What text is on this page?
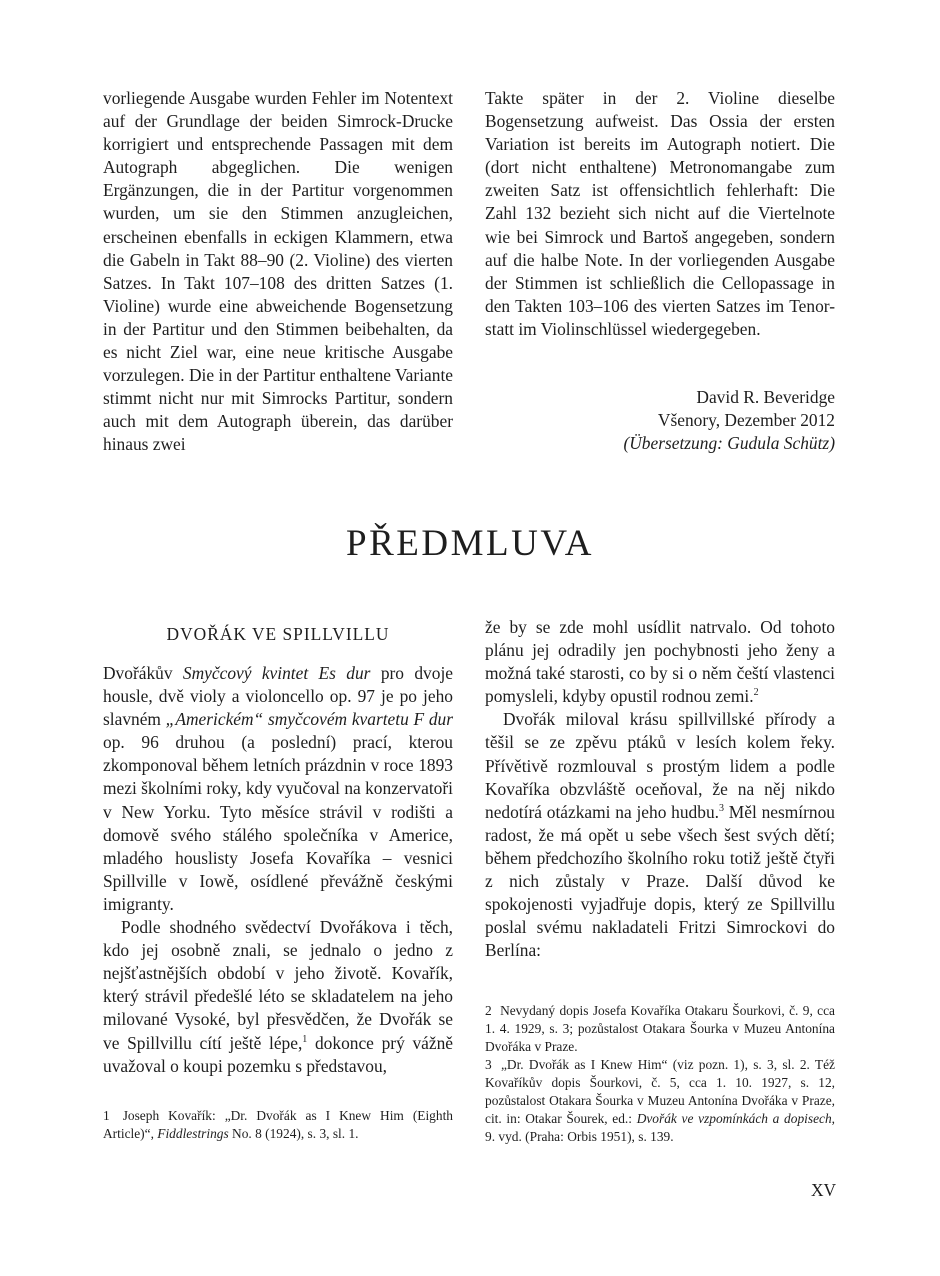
vorliegende Ausgabe wurden Fehler im Notentext auf der Grundlage der beiden Simrock-Drucke korrigiert und entsprechende Passagen mit dem Autograph abgeglichen. Die wenigen Ergänzungen, die in der Partitur vorgenommen wurden, um sie den Stimmen anzugleichen, erscheinen ebenfalls in eckigen Klammern, etwa die Gabeln in Takt 88–90 (2. Violine) des vierten Satzes. In Takt 107–108 des dritten Satzes (1. Violine) wurde eine abweichende Bogensetzung in der Partitur und den Stimmen beibehalten, da es nicht Ziel war, eine neue kritische Ausgabe vorzulegen. Die in der Partitur enthaltene Variante stimmt nicht nur mit Simrocks Partitur, sondern auch mit dem Autograph überein, das darüber hinaus zwei

Takte später in der 2. Violine dieselbe Bogensetzung aufweist. Das Ossia der ersten Variation ist bereits im Autograph notiert. Die (dort nicht enthaltene) Metronomangabe zum zweiten Satz ist offensichtlich fehlerhaft: Die Zahl 132 bezieht sich nicht auf die Viertelnote wie bei Simrock und Bartoš angegeben, sondern auf die halbe Note. In der vorliegenden Ausgabe der Stimmen ist schließlich die Cellopassage in den Takten 103–106 des vierten Satzes im Tenor- statt im Violinschlüssel wiedergegeben.

David R. Beveridge
Všenory, Dezember 2012
(Übersetzung: Gudula Schütz)
PŘEDMLUVA
DVOŘÁK VE SPILLVILLU

Dvořákův Smyčcový kvintet Es dur pro dvoje housle, dvě violy a violoncello op. 97 je po jeho slavném „Americkém“ smyčcovém kvartetu F dur op. 96 druhou (a poslední) prací, kterou zkomponoval během letních prázdnin v roce 1893 mezi školními roky, kdy vyučoval na konzervatoři v New Yorku. Tyto měsíce strávil v rodišti a domově svého stálého společníka v Americe, mladého houslisty Josefa Kovaříka – vesnici Spillville v Iowě, osídlené převážně českými imigranty.

Podle shodného svědectví Dvořákova i těch, kdo jej osobně znali, se jednalo o jedno z nejšťastnějších období v jeho životě. Kovařík, který strávil předešlé léto se skladatelem na jeho milované Vysoké, byl přesvědčen, že Dvořák se ve Spillvillu cítí ještě lépe,$^1$ dokonce prý vážně uvažoval o koupi pozemku s představou,

že by se zde mohl usídlit natrvalo. Od tohoto plánu jej odradily jen pochybnosti jeho ženy a možná také starosti, co by si o něm čeští vlastenci pomysleli, kdyby opustil rodnou zemi.$^2$

Dvořák miloval krásu spillvillské přírody a těšil se ze zpěvu ptáků v lesích kolem řeky. Přívětivě rozmlouval s prostým lidem a podle Kovaříka obzvláště oceňoval, že na něj nikdo nedotírá otázkami na jeho hudbu.$^3$ Měl nesmírnou radost, že má opět u sebe všech šest svých dětí; během předchozího školního roku totiž ještě čtyři z nich zůstaly v Praze. Další důvod ke spokojenosti vyjadřuje dopis, který ze Spillvillu poslal svému nakladateli Fritzi Simrockovi do Berlína:

1 Joseph Kovařík: „Dr. Dvořák as I Knew Him (Eighth Article)“, Fiddlestrings No. 8 (1924), s. 3, sl. 1.

2 Nevydaný dopis Josefa Kovaříka Otakaru Šourkovi, č. 9, cca 1. 4. 1929, s. 3; pozůstalost Otakara Šourka v Muzeu Antonína Dvořáka v Praze.

3 „Dr. Dvořák as I Knew Him“ (viz pozn. 1), s. 3, sl. 2. Též Kovaříkův dopis Šourkovi, č. 5, cca 1. 10. 1927, s. 12, pozůstalost Otakara Šourka v Muzeu Antonína Dvořáka v Praze, cit. in: Otakar Šourek, ed.: Dvořák ve vzpomínkách a dopisech, 9. vyd. (Praha: Orbis 1951), s. 139.

XV
